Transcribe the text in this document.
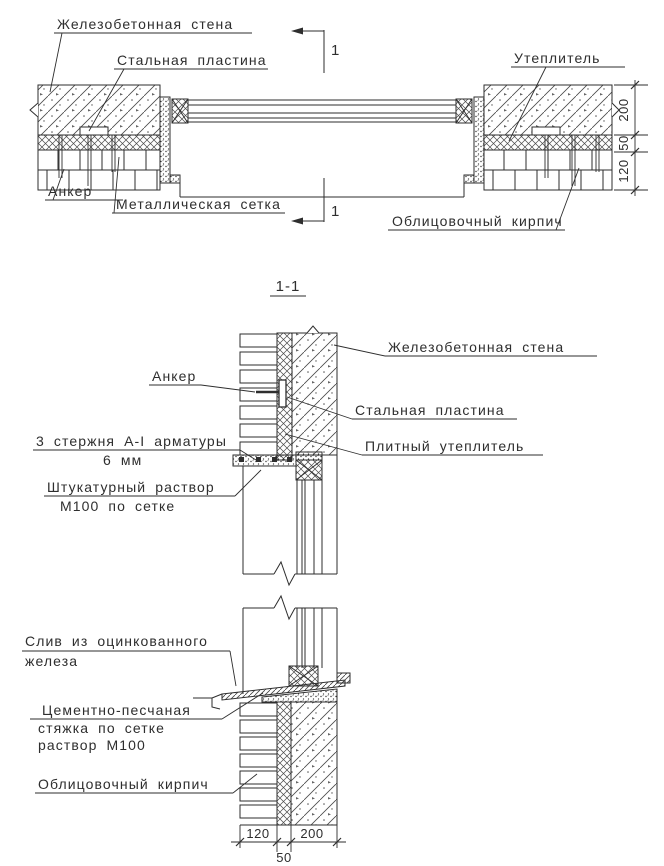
200
50
120
1
1
Железобетонная стена
Стальная пластина	Утеплитель
Анкер
Металлическая сетка
Облицовочный кирпич
1-1
Железобетонная стена
Анкер
Стальная пластина
Плитный утеплитель
3 стержня А-I арматуры
6 мм
Штукатурный раствор
М100 по сетке
120 200
50
Слив из оцинкованного
железа
Цементно-песчаная
стяжка по сетке
раствор М100
Облицовочный кирпич
